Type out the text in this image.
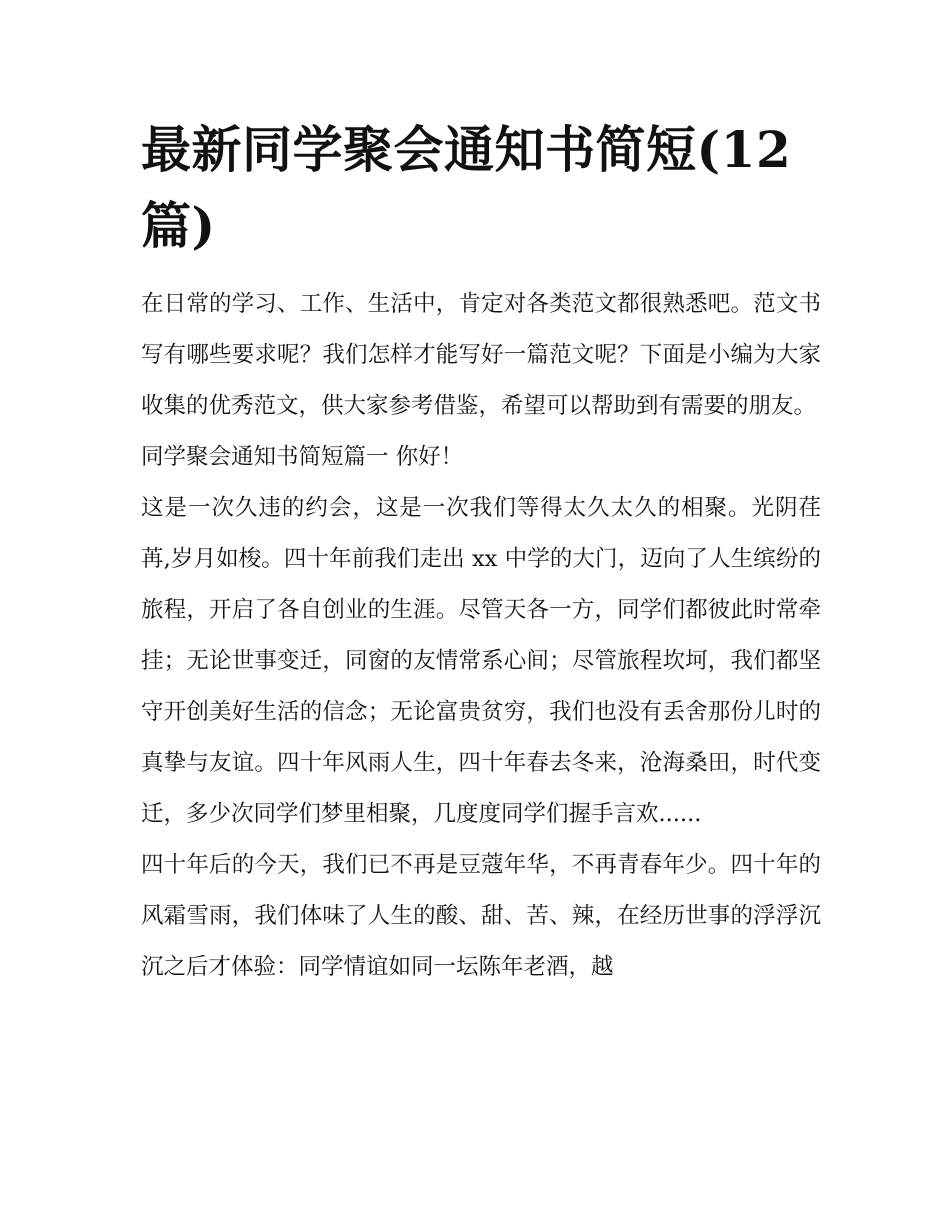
最新同学聚会通知书简短(12篇)

在日常的学习、工作、生活中，肯定对各类范文都很熟悉吧。范文书写有哪些要求呢？我们怎样才能写好一篇范文呢？下面是小编为大家收集的优秀范文，供大家参考借鉴，希望可以帮助到有需要的朋友。

同学聚会通知书简短篇一 你好！

这是一次久违的约会，这是一次我们等得太久太久的相聚。光阴荏苒,岁月如梭。四十年前我们走出 xx 中学的大门，迈向了人生缤纷的旅程，开启了各自创业的生涯。尽管天各一方，同学们都彼此时常牵挂；无论世事变迁，同窗的友情常系心间；尽管旅程坎坷，我们都坚守开创美好生活的信念；无论富贵贫穷，我们也没有丢舍那份儿时的真挚与友谊。四十年风雨人生，四十年春去冬来，沧海桑田，时代变迁，多少次同学们梦里相聚，几度度同学们握手言欢......

四十年后的今天，我们已不再是豆蔻年华，不再青春年少。四十年的风霜雪雨，我们体味了人生的酸、甜、苦、辣，在经历世事的浮浮沉沉之后才体验：同学情谊如同一坛陈年老酒，越
